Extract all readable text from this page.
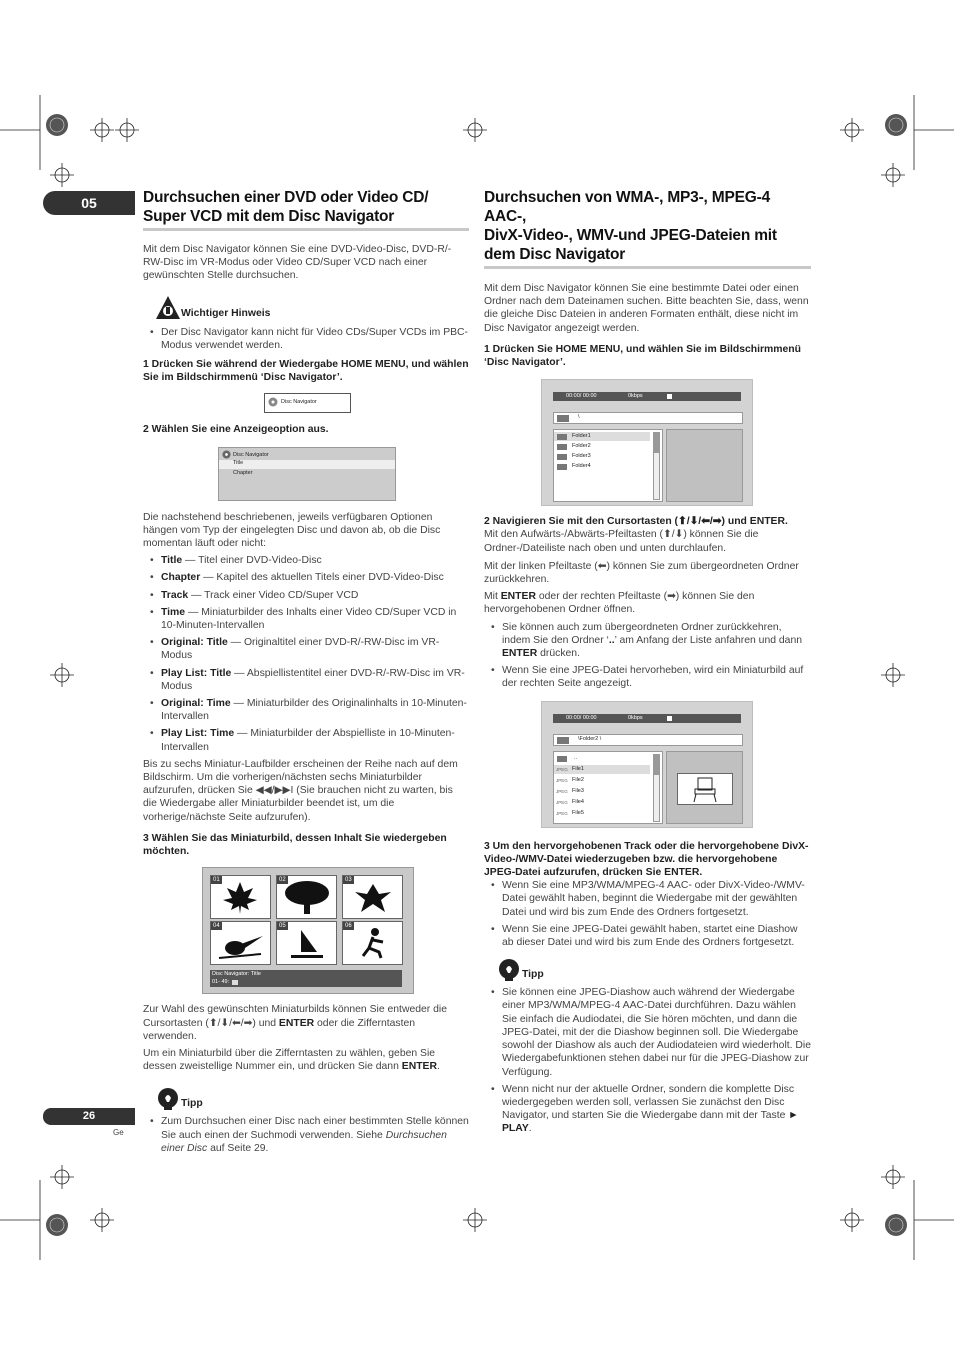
05
26
Ge
Durchsuchen einer DVD oder Video CD/
Super VCD mit dem Disc Navigator

Mit dem Disc Navigator können Sie eine DVD-Video-Disc, DVD-R/-RW-Disc im VR-Modus oder Video CD/Super VCD nach einer gewünschten Stelle durchsuchen.

Wichtiger Hinweis
• Der Disc Navigator kann nicht für Video CDs/Super VCDs im PBC-Modus verwendet werden.

1 Drücken Sie während der Wiedergabe HOME MENU, und wählen Sie im Bildschirmmenü ‘Disc Navigator’.

Disc Navigator

2 Wählen Sie eine Anzeigeoption aus.

Disc Navigator
Title
Chapter

Die nachstehend beschriebenen, jeweils verfügbaren Optionen hängen vom Typ der eingelegten Disc und davon ab, ob die Disc momentan läuft oder nicht:

• Title — Titel einer DVD-Video-Disc
• Chapter — Kapitel des aktuellen Titels einer DVD-Video-Disc
• Track — Track einer Video CD/Super VCD
• Time — Miniaturbilder des Inhalts einer Video CD/Super VCD in 10-Minuten-Intervallen
• Original: Title — Originaltitel einer DVD-R/-RW-Disc im VR-Modus
• Play List: Title — Abspiellistentitel einer DVD-R/-RW-Disc im VR-Modus
• Original: Time — Miniaturbilder des Originalinhalts in 10-Minuten-Intervallen
• Play List: Time — Miniaturbilder der Abspielliste in 10-Minuten-Intervallen

Bis zu sechs Miniatur-Laufbilder erscheinen der Reihe nach auf dem Bildschirm. Um die vorherigen/nächsten sechs Miniaturbilder aufzurufen, drücken Sie ◀◀/▶▶I (Sie brauchen nicht zu warten, bis die Wiedergabe aller Miniaturbilder beendet ist, um die vorherige/nächste Seite aufzurufen).

3 Wählen Sie das Miniaturbild, dessen Inhalt Sie wiedergeben möchten.

01	02	03
04	05	06
Disc Navigator: Title
01- 49:

Zur Wahl des gewünschten Miniaturbilds können Sie entweder die Cursortasten (⬆/⬇/⬅/➡) und ENTER oder die Zifferntasten verwenden.

Um ein Miniaturbild über die Zifferntasten zu wählen, geben Sie dessen zweistellige Nummer ein, und drücken Sie dann ENTER.

Tipp
• Zum Durchsuchen einer Disc nach einer bestimmten Stelle können Sie auch einen der Suchmodi verwenden. Siehe Durchsuchen einer Disc auf Seite 29.
Durchsuchen von WMA-, MP3-, MPEG-4 AAC-,
DivX-Video-, WMV-und JPEG-Dateien mit
dem Disc Navigator

Mit dem Disc Navigator können Sie eine bestimmte Datei oder einen Ordner nach dem Dateinamen suchen. Bitte beachten Sie, dass, wenn die gleiche Disc Dateien in anderen Formaten enthält, diese nicht im Disc Navigator angezeigt werden.

1 Drücken Sie HOME MENU, und wählen Sie im Bildschirmmenü ‘Disc Navigator’.

00:00/ 00:00	0kbps
\
Folder1
Folder2
Folder3
Folder4

2 Navigieren Sie mit den Cursortasten (⬆/⬇/⬅/➡) und ENTER.

Mit den Aufwärts-/Abwärts-Pfeiltasten (⬆/⬇) können Sie die Ordner-/Dateiliste nach oben und unten durchlaufen.

Mit der linken Pfeiltaste (⬅) können Sie zum übergeordneten Ordner zurückkehren.

Mit ENTER oder der rechten Pfeiltaste (➡) können Sie den hervorgehobenen Ordner öffnen.

• Sie können auch zum übergeordneten Ordner zurückkehren, indem Sie den Ordner ‘..’ am Anfang der Liste anfahren und dann ENTER drücken.
• Wenn Sie eine JPEG-Datei hervorheben, wird ein Miniaturbild auf der rechten Seite angezeigt.
00:00/ 00:00	0kbps
\Folder2 \
..
JPEG File1
JPEG File2
JPEG File3
JPEG File4
JPEG File5

3 Um den hervorgehobenen Track oder die hervorgehobene DivX-Video-/WMV-Datei wiederzugeben bzw. die hervorgehobene JPEG-Datei aufzurufen, drücken Sie ENTER.

• Wenn Sie eine MP3/WMA/MPEG-4 AAC- oder DivX-Video-/WMV-Datei gewählt haben, beginnt die Wiedergabe mit der gewählten Datei und wird bis zum Ende des Ordners fortgesetzt.
• Wenn Sie eine JPEG-Datei gewählt haben, startet eine Diashow ab dieser Datei und wird bis zum Ende des Ordners fortgesetzt.
Tipp
• Sie können eine JPEG-Diashow auch während der Wiedergabe einer MP3/WMA/MPEG-4 AAC-Datei durchführen. Dazu wählen Sie einfach die Audiodatei, die Sie hören möchten, und dann die JPEG-Datei, mit der die Diashow beginnen soll. Die Wiedergabe sowohl der Diashow als auch der Audiodateien wird wiederholt. Die Wiedergabefunktionen stehen dabei nur für die JPEG-Diashow zur Verfügung.
• Wenn nicht nur der aktuelle Ordner, sondern die komplette Disc wiedergegeben werden soll, verlassen Sie zunächst den Disc Navigator, und starten Sie die Wiedergabe dann mit der Taste ► PLAY.
